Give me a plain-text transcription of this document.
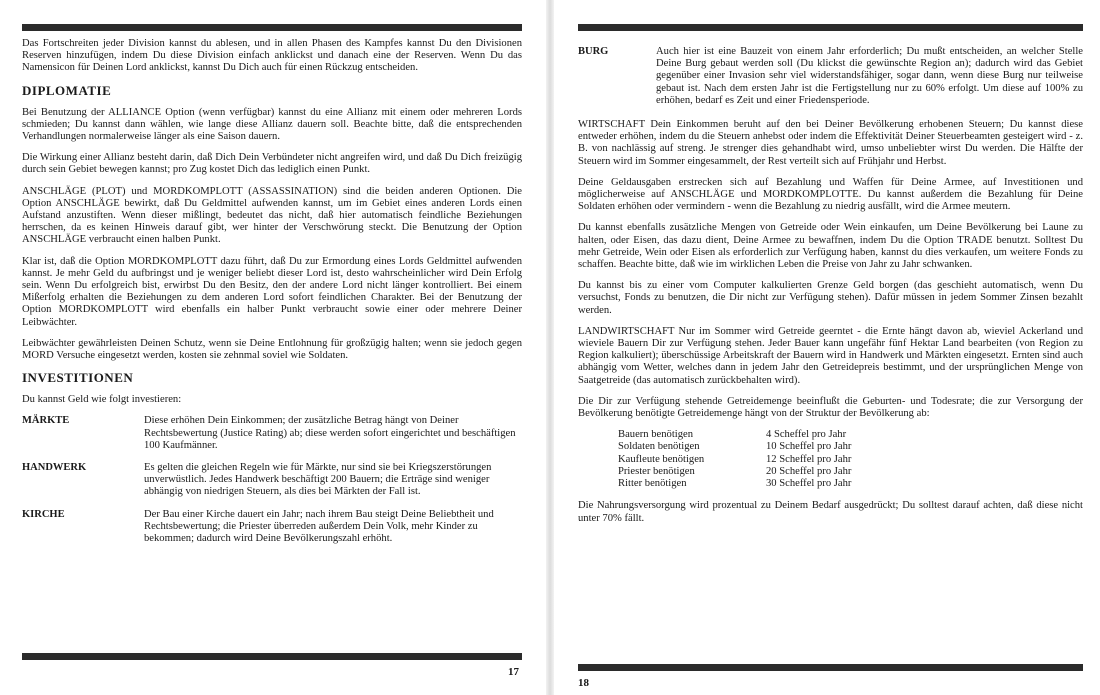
Das Fortschreiten jeder Division kannst du ablesen, und in allen Phasen des Kampfes kannst Du den Divisionen Reserven hinzufügen, indem Du diese Division einfach anklickst und danach eine der Reserven. Wenn Du das Namensicon für Deinen Lord anklickst, kannst Du Dich auch für einen Rückzug entscheiden.

DIPLOMATIE

Bei Benutzung der ALLIANCE Option (wenn verfügbar) kannst du eine Allianz mit einem oder mehreren Lords schmieden; Du kannst dann wählen, wie lange diese Allianz dauern soll. Beachte bitte, daß die entsprechenden Verhandlungen normalerweise länger als eine Saison dauern.

Die Wirkung einer Allianz besteht darin, daß Dich Dein Verbündeter nicht angreifen wird, und daß Du Dich freizügig durch sein Gebiet bewegen kannst; pro Zug kostet Dich das lediglich einen Punkt.

ANSCHLÄGE (PLOT) und MORDKOMPLOTT (ASSASSINATION) sind die beiden anderen Optionen. Die Option ANSCHLÄGE bewirkt, daß Du Geldmittel aufwenden kannst, um im Gebiet eines anderen Lords einen Aufstand anzustiften. Wenn dieser mißlingt, bedeutet das nicht, daß hier automatisch feindliche Beziehungen herrschen, da es keinen Hinweis darauf gibt, wer hinter der Verschwörung steckt. Die Benutzung der Option ANSCHLÄGE verbraucht einen halben Punkt.

Klar ist, daß die Option MORDKOMPLOTT dazu führt, daß Du zur Ermordung eines Lords Geldmittel aufwenden kannst. Je mehr Geld du aufbringst und je weniger beliebt dieser Lord ist, desto wahrscheinlicher wird Dein Erfolg sein. Wenn Du erfolgreich bist, erwirbst Du den Besitz, den der andere Lord nicht länger kontrolliert. Bei einem Mißerfolg erhalten die Beziehungen zu dem anderen Lord sofort feindlichen Charakter. Bei der Benutzung der Option MORDKOMPLOTT wird ebenfalls ein halber Punkt verbraucht sowie einer oder mehrere Deiner Leibwächter.

Leibwächter gewährleisten Deinen Schutz, wenn sie Deine Entlohnung für großzügig halten; wenn sie jedoch gegen MORD Versuche eingesetzt werden, kosten sie zehnmal soviel wie Soldaten.

INVESTITIONEN

Du kannst Geld wie folgt investieren:

MÄRKTE	Diese erhöhen Dein Einkommen; der zusätzliche Betrag hängt von Deiner Rechtsbewertung (Justice Rating) ab; diese werden sofort eingerichtet und beschäftigen 100 Kaufmänner.
HANDWERK	Es gelten die gleichen Regeln wie für Märkte, nur sind sie bei Kriegszerstörungen unverwüstlich. Jedes Handwerk beschäftigt 200 Bauern; die Erträge sind weniger abhängig von niedrigen Steuern, als dies bei Märkten der Fall ist.
KIRCHE	Der Bau einer Kirche dauert ein Jahr; nach ihrem Bau steigt Deine Beliebtheit und Rechtsbewertung; die Priester überreden außerdem Dein Volk, mehr Kinder zu bekommen; dadurch wird Deine Bevölkerungszahl erhöht.
17
BURG	Auch hier ist eine Bauzeit von einem Jahr erforderlich; Du mußt entscheiden, an welcher Stelle Deine Burg gebaut werden soll (Du klickst die gewünschte Region an); dadurch wird das Gebiet gegenüber einer Invasion sehr viel widerstandsfähiger, sogar dann, wenn diese Burg nur teilweise gebaut ist. Nach dem ersten Jahr ist die Fertigstellung nur zu 60% erfolgt. Um diese auf 100% zu erhöhen, bedarf es Zeit und einer Friedensperiode.

WIRTSCHAFT Dein Einkommen beruht auf den bei Deiner Bevölkerung erhobenen Steuern; Du kannst diese entweder erhöhen, indem du die Steuern anhebst oder indem die Effektivität Deiner Steuerbeamten gesteigert wird - z. B. von nachlässig auf streng. Je strenger dies gehandhabt wird, umso unbeliebter wirst Du werden. Die Hälfte der Steuern wird im Sommer eingesammelt, der Rest verteilt sich auf Frühjahr und Herbst.

Deine Geldausgaben erstrecken sich auf Bezahlung und Waffen für Deine Armee, auf Investitionen und möglicherweise auf ANSCHLÄGE und MORDKOMPLOTTE. Du kannst außerdem die Bezahlung für Deine Soldaten erhöhen oder vermindern - wenn die Bezahlung zu niedrig ausfällt, wird die Armee meutern.

Du kannst ebenfalls zusätzliche Mengen von Getreide oder Wein einkaufen, um Deine Bevölkerung bei Laune zu halten, oder Eisen, das dazu dient, Deine Armee zu bewaffnen, indem Du die Option TRADE benutzt. Solltest Du mehr Getreide, Wein oder Eisen als erforderlich zur Verfügung haben, kannst du dies verkaufen, um weitere Fonds zu schaffen. Beachte bitte, daß wie im wirklichen Leben die Preise von Jahr zu Jahr schwanken.

Du kannst bis zu einer vom Computer kalkulierten Grenze Geld borgen (das geschieht automatisch, wenn Du versuchst, Fonds zu benutzen, die Dir nicht zur Verfügung stehen). Dafür müssen in jedem Sommer Zinsen bezahlt werden.

LANDWIRTSCHAFT Nur im Sommer wird Getreide geerntet - die Ernte hängt davon ab, wieviel Ackerland und wieviele Bauern Dir zur Verfügung stehen. Jeder Bauer kann ungefähr fünf Hektar Land bearbeiten (von Region zu Region kalkuliert); überschüssige Arbeitskraft der Bauern wird in Handwerk und Märkten eingesetzt. Ernten sind auch abhängig vom Wetter, welches dann in jedem Jahr den Getreidepreis bestimmt, und der ursprünglichen Menge von Saatgetreide (das automatisch zurückbehalten wird).

Die Dir zur Verfügung stehende Getreidemenge beeinflußt die Geburten- und Todesrate; die zur Versorgung der Bevölkerung benötigte Getreidemenge hängt von der Struktur der Bevölkerung ab:

Bauern benötigen	4 Scheffel pro Jahr
Soldaten benötigen	10 Scheffel pro Jahr
Kaufleute benötigen	12 Scheffel pro Jahr
Priester benötigen	20 Scheffel pro Jahr
Ritter benötigen	30 Scheffel pro Jahr

Die Nahrungsversorgung wird prozentual zu Deinem Bedarf ausgedrückt; Du solltest darauf achten, daß diese nicht unter 70% fällt.

18
